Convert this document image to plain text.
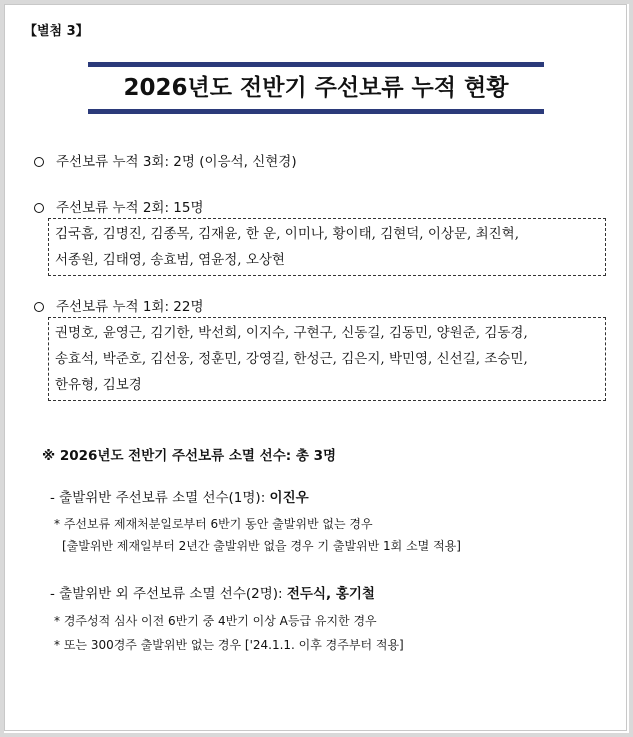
【별첨 3】
2026년도 전반기 주선보류 누적 현황
주선보류 누적 3회: 2명 (이응석, 신현경)
주선보류 누적 2회: 15명
김국흠, 김명진, 김종목, 김재윤, 한 운, 이미나, 황이태, 김현덕, 이상문, 최진혁,
서종원, 김태영, 송효범, 염윤정, 오상현
주선보류 누적 1회: 22명
권명호, 윤영근, 김기한, 박선희, 이지수, 구현구, 신동길, 김동민, 양원준, 김동경,
송효석, 박준호, 김선웅, 정훈민, 강영길, 한성근, 김은지, 박민영, 신선길, 조승민,
한유형, 김보경
※ 2026년도 전반기 주선보류 소멸 선수: 총 3명
- 출발위반 주선보류 소멸 선수(1명): 이진우
* 주선보류 제재처분일로부터 6반기 동안 출발위반 없는 경우
[출발위반 제재일부터 2년간 출발위반 없을 경우 기 출발위반 1회 소멸 적용]
- 출발위반 외 주선보류 소멸 선수(2명): 전두식, 홍기철
* 경주성적 심사 이전 6반기 중 4반기 이상 A등급 유지한 경우
* 또는 300경주 출발위반 없는 경우 ['24.1.1. 이후 경주부터 적용]
